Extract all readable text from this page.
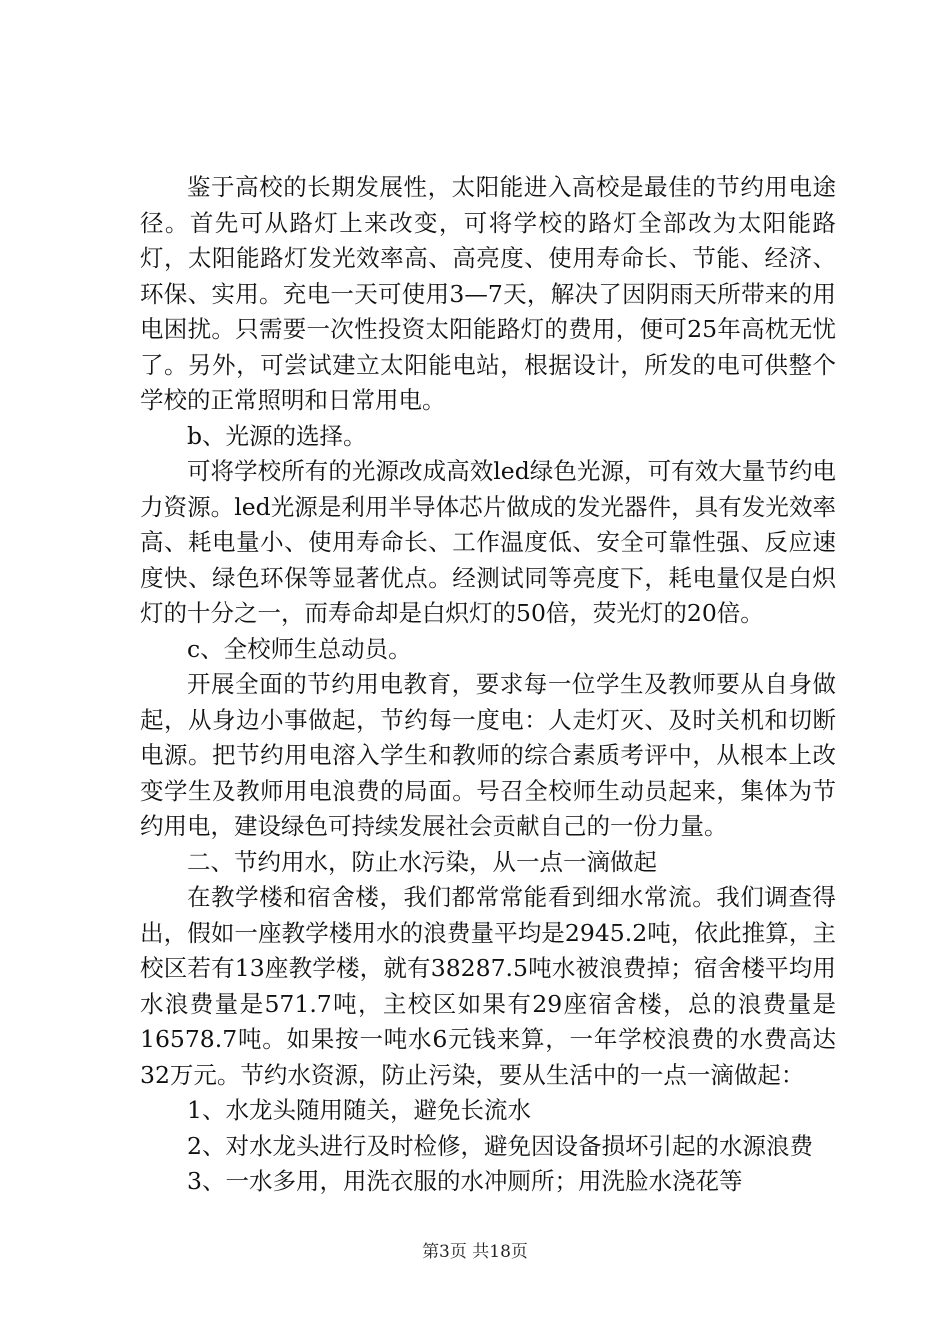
鉴于高校的长期发展性，太阳能进入高校是最佳的节约用电途径。首先可从路灯上来改变，可将学校的路灯全部改为太阳能路灯，太阳能路灯发光效率高、高亮度、使用寿命长、节能、经济、环保、实用。充电一天可使用3—7天，解决了因阴雨天所带来的用电困扰。只需要一次性投资太阳能路灯的费用，便可25年高枕无忧了。另外，可尝试建立太阳能电站，根据设计，所发的电可供整个学校的正常照明和日常用电。

b、光源的选择。

可将学校所有的光源改成高效led绿色光源，可有效大量节约电力资源。led光源是利用半导体芯片做成的发光器件，具有发光效率高、耗电量小、使用寿命长、工作温度低、安全可靠性强、反应速度快、绿色环保等显著优点。经测试同等亮度下，耗电量仅是白炽灯的十分之一，而寿命却是白炽灯的50倍，荧光灯的20倍。

c、全校师生总动员。

开展全面的节约用电教育，要求每一位学生及教师要从自身做起，从身边小事做起，节约每一度电：人走灯灭、及时关机和切断电源。把节约用电溶入学生和教师的综合素质考评中，从根本上改变学生及教师用电浪费的局面。号召全校师生动员起来，集体为节约用电，建设绿色可持续发展社会贡献自己的一份力量。

二、节约用水，防止水污染，从一点一滴做起

在教学楼和宿舍楼，我们都常常能看到细水常流。我们调查得出，假如一座教学楼用水的浪费量平均是2945.2吨，依此推算，主校区若有13座教学楼，就有38287.5吨水被浪费掉；宿舍楼平均用水浪费量是571.7吨，主校区如果有29座宿舍楼，总的浪费量是16578.7吨。如果按一吨水6元钱来算，一年学校浪费的水费高达32万元。节约水资源，防止污染，要从生活中的一点一滴做起：

1、水龙头随用随关，避免长流水

2、对水龙头进行及时检修，避免因设备损坏引起的水源浪费

3、一水多用，用洗衣服的水冲厕所；用洗脸水浇花等

第3页 共18页
